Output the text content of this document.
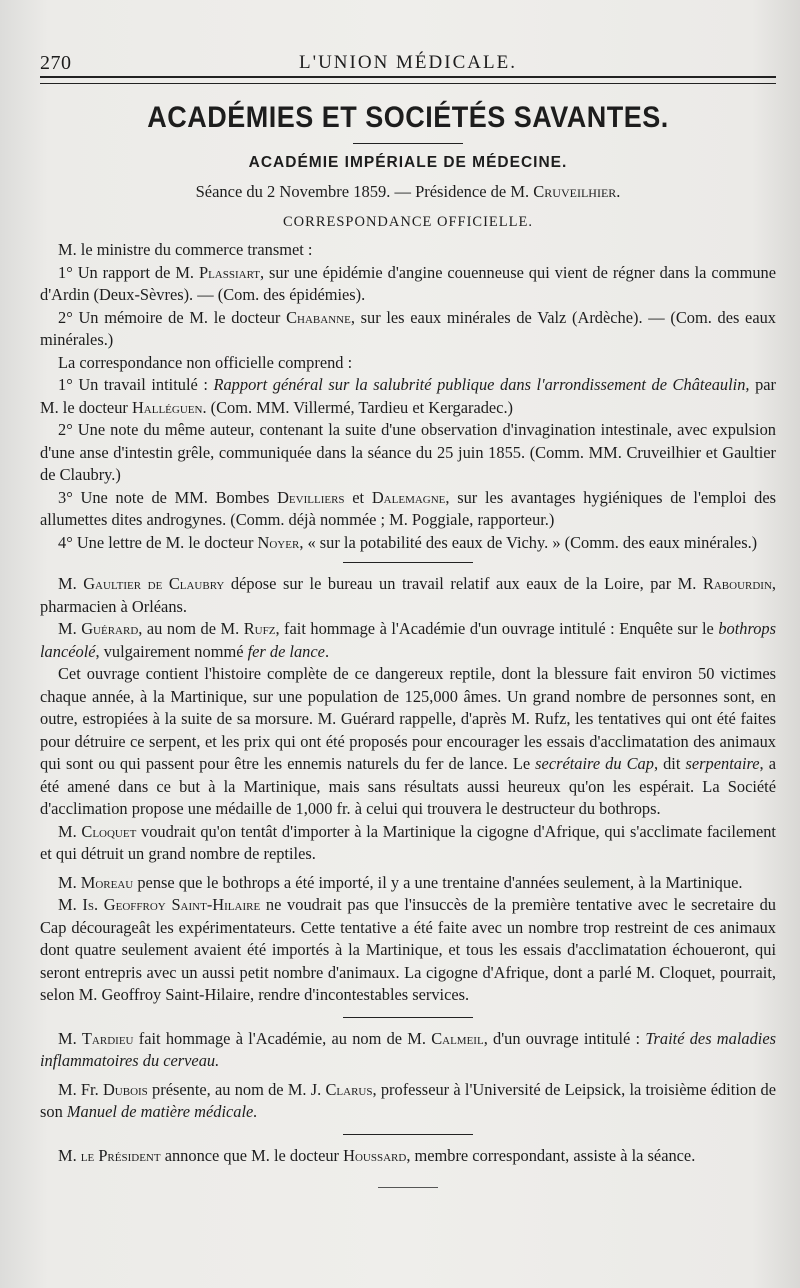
270	L'UNION MÉDICALE.
ACADÉMIES ET SOCIÉTÉS SAVANTES.
ACADÉMIE IMPÉRIALE DE MÉDECINE.
Séance du 2 Novembre 1859. — Présidence de M. Cruveilhier.
CORRESPONDANCE OFFICIELLE.

M. le ministre du commerce transmet :

1° Un rapport de M. Plassiart, sur une épidémie d'angine couenneuse qui vient de régner dans la commune d'Ardin (Deux-Sèvres). — (Com. des épidémies).

2° Un mémoire de M. le docteur Chabanne, sur les eaux minérales de Valz (Ardèche). — (Com. des eaux minérales.)

La correspondance non officielle comprend :

1° Un travail intitulé : Rapport général sur la salubrité publique dans l'arrondissement de Châteaulin, par M. le docteur Halléguen. (Com. MM. Villermé, Tardieu et Kergaradec.)

2° Une note du même auteur, contenant la suite d'une observation d'invagination intestinale, avec expulsion d'une anse d'intestin grêle, communiquée dans la séance du 25 juin 1855. (Comm. MM. Cruveilhier et Gaultier de Claubry.)

3° Une note de MM. Bombes Devilliers et Dalemagne, sur les avantages hygiéniques de l'emploi des allumettes dites androgynes. (Comm. déjà nommée ; M. Poggiale, rapporteur.)

4° Une lettre de M. le docteur Noyer, « sur la potabilité des eaux de Vichy. » (Comm. des eaux minérales.)

M. Gaultier de Claubry dépose sur le bureau un travail relatif aux eaux de la Loire, par M. Rabourdin, pharmacien à Orléans.

M. Guérard, au nom de M. Rufz, fait hommage à l'Académie d'un ouvrage intitulé : Enquête sur le bothrops lancéolé, vulgairement nommé fer de lance.

Cet ouvrage contient l'histoire complète de ce dangereux reptile, dont la blessure fait environ 50 victimes chaque année, à la Martinique, sur une population de 125,000 âmes. Un grand nombre de personnes sont, en outre, estropiées à la suite de sa morsure. M. Guérard rappelle, d'après M. Rufz, les tentatives qui ont été faites pour détruire ce serpent, et les prix qui ont été proposés pour encourager les essais d'acclimatation des animaux qui sont ou qui passent pour être les ennemis naturels du fer de lance. Le secrétaire du Cap, dit serpentaire, a été amené dans ce but à la Martinique, mais sans résultats aussi heureux qu'on les espérait. La Société d'acclimation propose une médaille de 1,000 fr. à celui qui trouvera le destructeur du bothrops.

M. Cloquet voudrait qu'on tentât d'importer à la Martinique la cigogne d'Afrique, qui s'acclimate facilement et qui détruit un grand nombre de reptiles.

M. Moreau pense que le bothrops a été importé, il y a une trentaine d'années seulement, à la Martinique.

M. Is. Geoffroy Saint-Hilaire ne voudrait pas que l'insuccès de la première tentative avec le secretaire du Cap décourageât les expérimentateurs. Cette tentative a été faite avec un nombre trop restreint de ces animaux dont quatre seulement avaient été importés à la Martinique, et tous les essais d'acclimatation échoueront, qui seront entrepris avec un aussi petit nombre d'animaux. La cigogne d'Afrique, dont a parlé M. Cloquet, pourrait, selon M. Geoffroy Saint-Hilaire, rendre d'incontestables services.

M. Tardieu fait hommage à l'Académie, au nom de M. Calmeil, d'un ouvrage intitulé : Traité des maladies inflammatoires du cerveau.

M. Fr. Dubois présente, au nom de M. J. Clarus, professeur à l'Université de Leipsick, la troisième édition de son Manuel de matière médicale.

M. le Président annonce que M. le docteur Houssard, membre correspondant, assiste à la séance.
